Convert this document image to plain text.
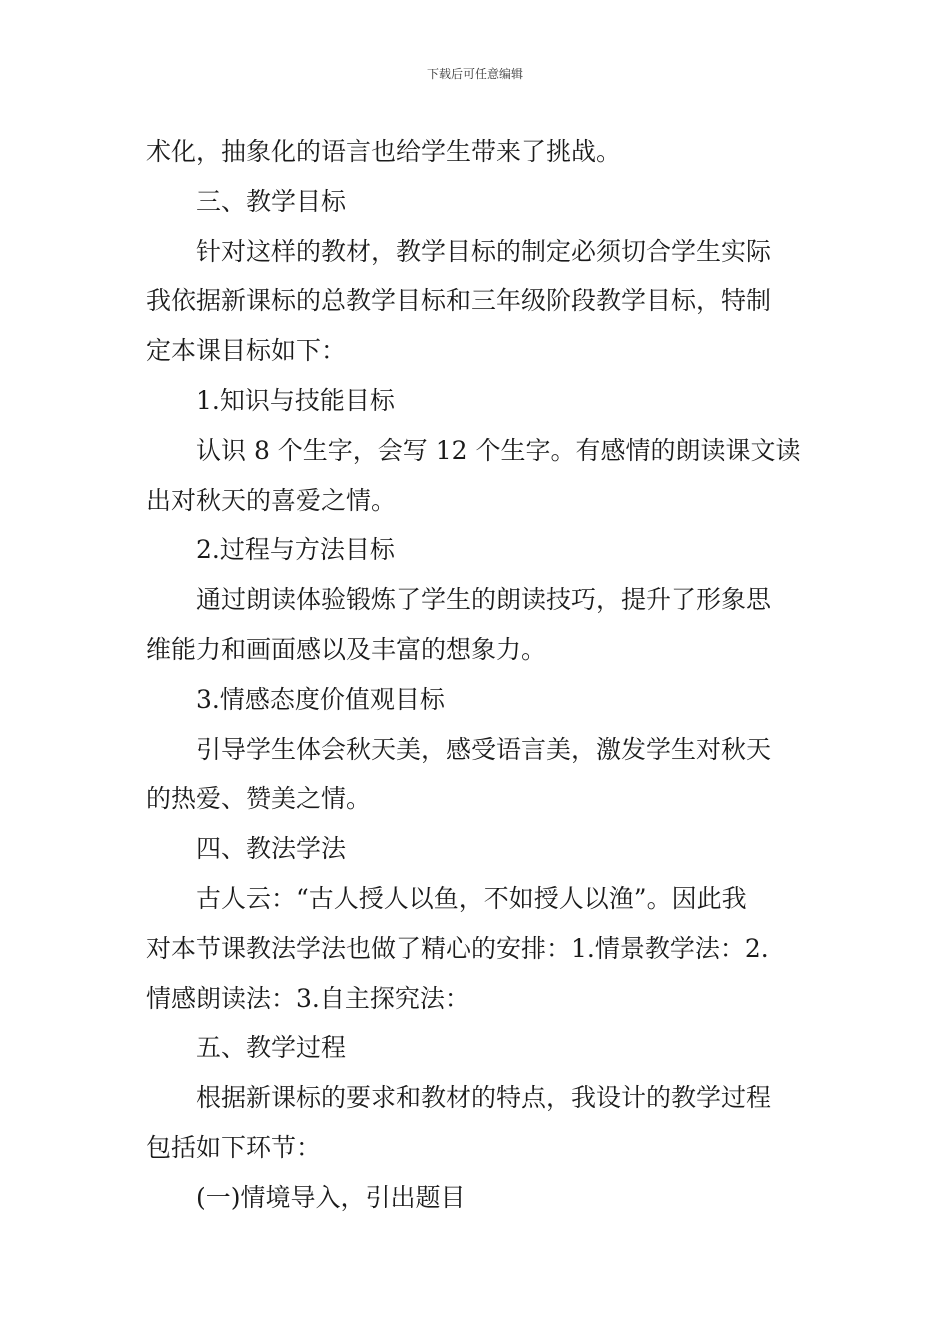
下载后可任意编辑
术化，抽象化的语言也给学生带来了挑战。
三、教学目标
针对这样的教材，教学目标的制定必须切合学生实际
我依据新课标的总教学目标和三年级阶段教学目标，特制
定本课目标如下：
1.知识与技能目标
认识 8 个生字，会写 12 个生字。有感情的朗读课文读
出对秋天的喜爱之情。
2.过程与方法目标
通过朗读体验锻炼了学生的朗读技巧，提升了形象思
维能力和画面感以及丰富的想象力。
3.情感态度价值观目标
引导学生体会秋天美，感受语言美，激发学生对秋天
的热爱、赞美之情。
四、教法学法
古人云：“古人授人以鱼，不如授人以渔”。因此我
对本节课教法学法也做了精心的安排：1.情景教学法：2.
情感朗读法：3.自主探究法：
五、教学过程
根据新课标的要求和教材的特点，我设计的教学过程
包括如下环节：
(一)情境导入，引出题目
